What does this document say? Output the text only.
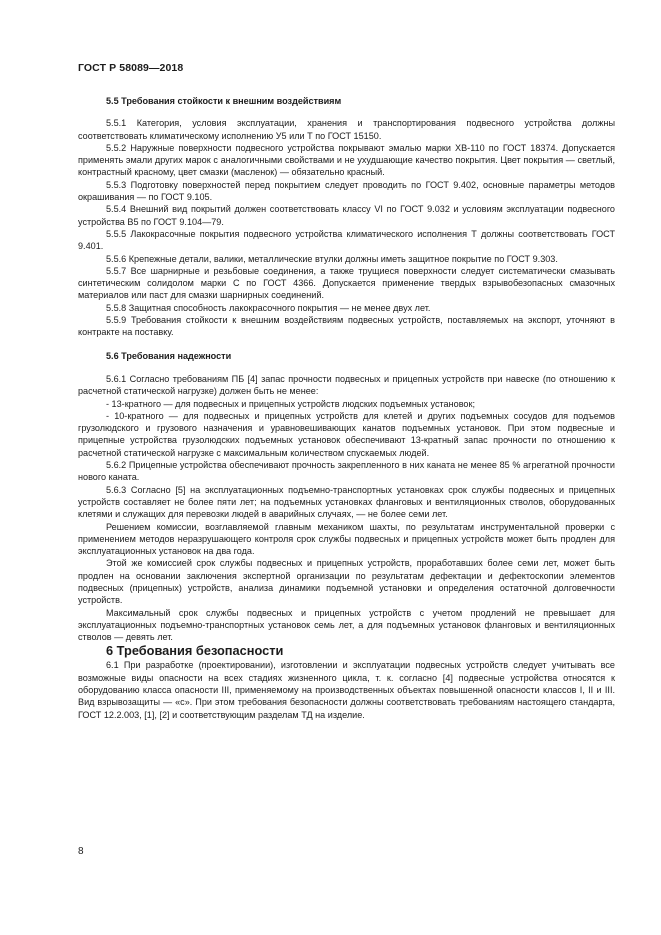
ГОСТ Р 58089—2018

5.5 Требования стойкости к внешним воздействиям

5.5.1 Категория, условия эксплуатации, хранения и транспортирования подвесного устройства должны соответствовать климатическому исполнению У5 или Т по ГОСТ 15150.

5.5.2 Наружные поверхности подвесного устройства покрывают эмалью марки ХВ-110 по ГОСТ 18374. Допускается применять эмали других марок с аналогичными свойствами и не ухудшающие качество покрытия. Цвет покрытия — светлый, контрастный красному, цвет смазки (масленок) — обязательно красный.

5.5.3 Подготовку поверхностей перед покрытием следует проводить по ГОСТ 9.402, основные параметры методов окрашивания — по ГОСТ 9.105.

5.5.4 Внешний вид покрытий должен соответствовать классу VI по ГОСТ 9.032 и условиям эксплуатации подвесного устройства В5 по ГОСТ 9.104—79.

5.5.5 Лакокрасочные покрытия подвесного устройства климатического исполнения Т должны соответствовать ГОСТ 9.401.

5.5.6 Крепежные детали, валики, металлические втулки должны иметь защитное покрытие по ГОСТ 9.303.

5.5.7 Все шарнирные и резьбовые соединения, а также трущиеся поверхности следует систематически смазывать синтетическим солидолом марки С по ГОСТ 4366. Допускается применение твердых взрывобезопасных смазочных материалов или паст для смазки шарнирных соединений.

5.5.8 Защитная способность лакокрасочного покрытия — не менее двух лет.

5.5.9 Требования стойкости к внешним воздействиям подвесных устройств, поставляемых на экспорт, уточняют в контракте на поставку.

5.6 Требования надежности

5.6.1 Согласно требованиям ПБ [4] запас прочности подвесных и прицепных устройств при навеске (по отношению к расчетной статической нагрузке) должен быть не менее:

- 13-кратного — для подвесных и прицепных устройств людских подъемных установок;

- 10-кратного — для подвесных и прицепных устройств для клетей и других подъемных сосудов для подъемов грузолюдского и грузового назначения и уравновешивающих канатов подъемных установок. При этом подвесные и прицепные устройства грузолюдских подъемных установок обеспечивают 13-кратный запас прочности по отношению к расчетной статической нагрузке с максимальным количеством спускаемых людей.

5.6.2 Прицепные устройства обеспечивают прочность закрепленного в них каната не менее 85 % агрегатной прочности нового каната.

5.6.3 Согласно [5] на эксплуатационных подъемно-транспортных установках срок службы подвесных и прицепных устройств составляет не более пяти лет; на подъемных установках фланговых и вентиляционных стволов, оборудованных клетями и служащих для перевозки людей в аварийных случаях, — не более семи лет.

Решением комиссии, возглавляемой главным механиком шахты, по результатам инструментальной проверки с применением методов неразрушающего контроля срок службы подвесных и прицепных устройств может быть продлен для эксплуатационных установок на два года.

Этой же комиссией срок службы подвесных и прицепных устройств, проработавших более семи лет, может быть продлен на основании заключения экспертной организации по результатам дефектации и дефектоскопии элементов подвесных (прицепных) устройств, анализа динамики подъемной установки и определения остаточной долговечности устройств.

Максимальный срок службы подвесных и прицепных устройств с учетом продлений не превышает для эксплуатационных подъемно-транспортных установок семь лет, а для подъемных установок фланговых и вентиляционных стволов — девять лет.

6 Требования безопасности

6.1 При разработке (проектировании), изготовлении и эксплуатации подвесных устройств следует учитывать все возможные виды опасности на всех стадиях жизненного цикла, т. к. согласно [4] подвесные устройства относятся к оборудованию класса опасности III, применяемому на производственных объектах повышенной опасности классов I, II и III. Вид взрывозащиты — «с». При этом требования безопасности должны соответствовать требованиям настоящего стандарта, ГОСТ 12.2.003, [1], [2] и соответствующим разделам ТД на изделие.

8
